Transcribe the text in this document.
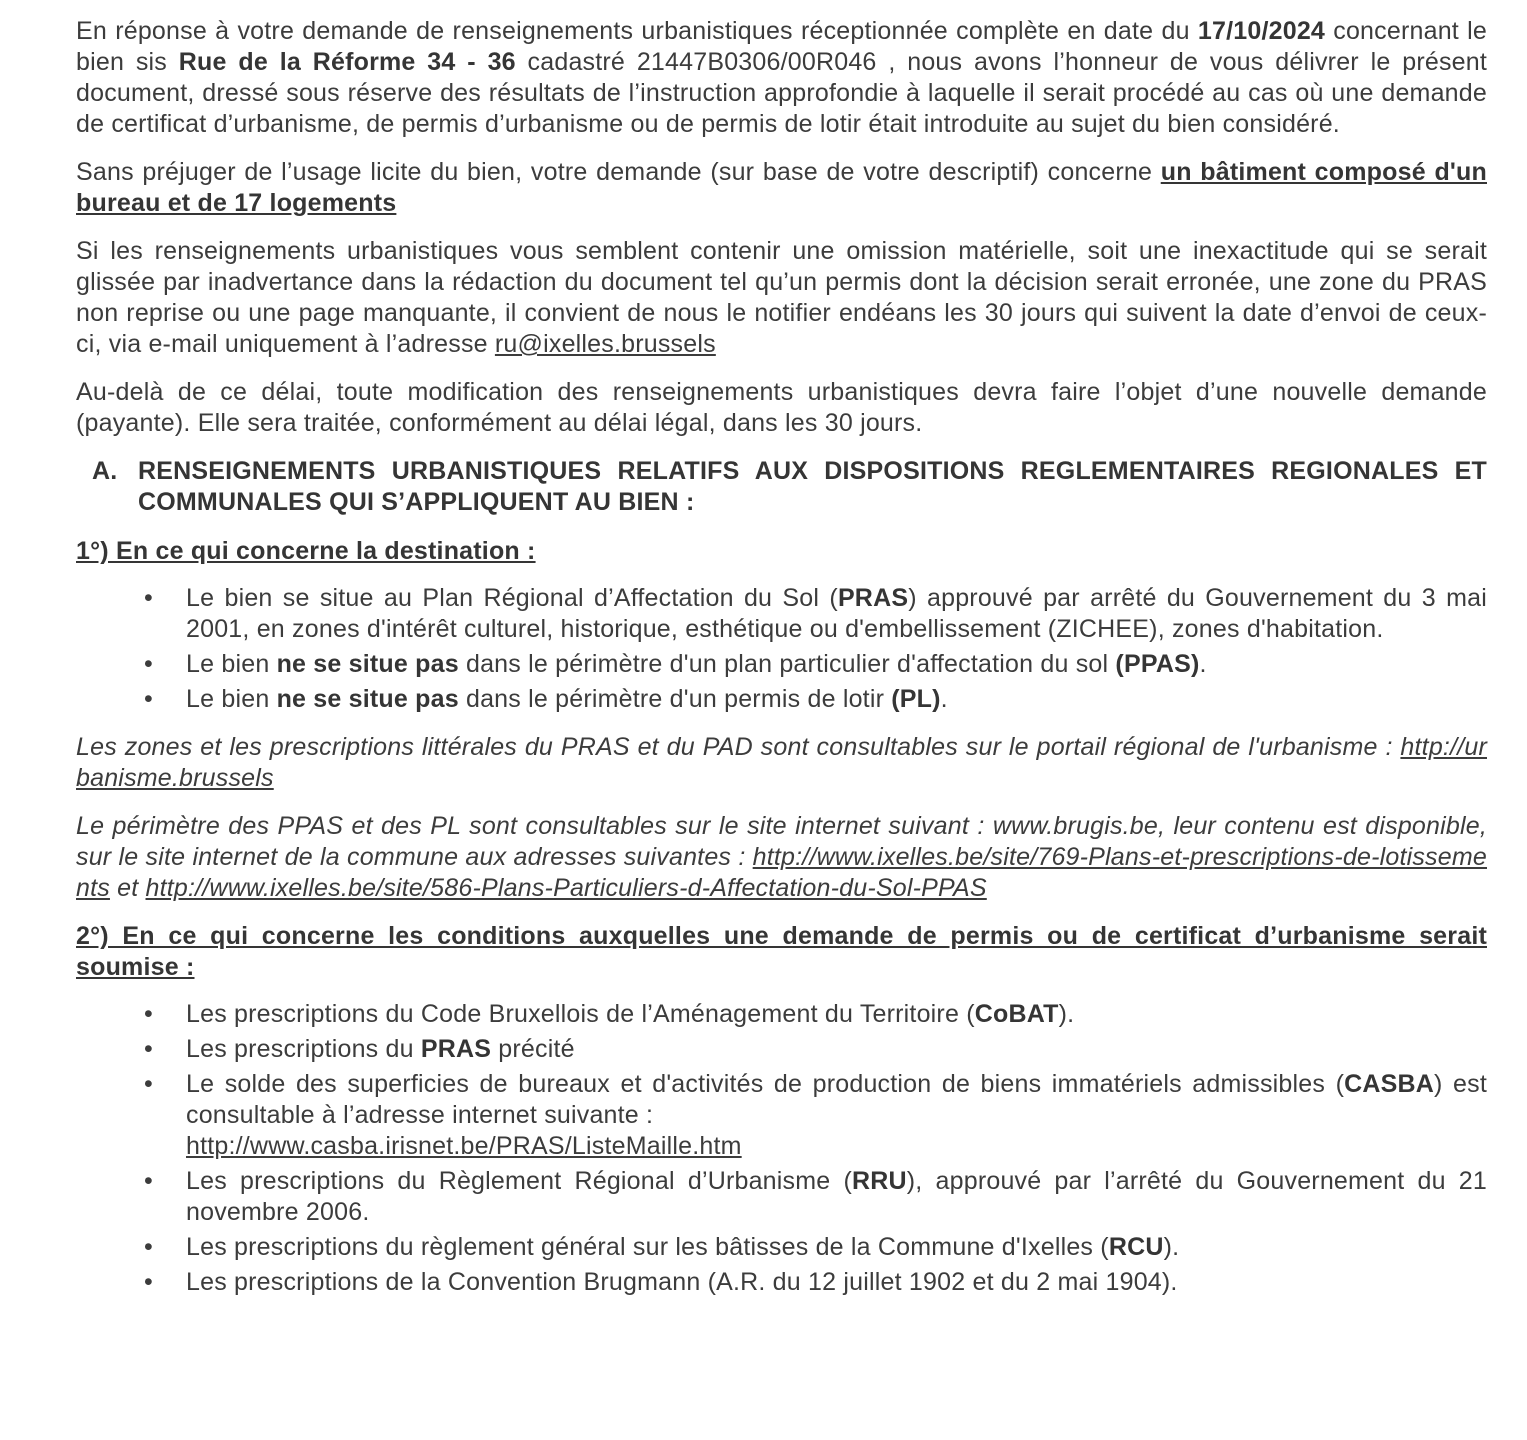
En réponse à votre demande de renseignements urbanistiques réceptionnée complète en date du 17/10/2024 concernant le bien sis Rue de la Réforme 34 - 36 cadastré 21447B0306/00R046 , nous avons l’honneur de vous délivrer le présent document, dressé sous réserve des résultats de l’instruction approfondie à laquelle il serait procédé au cas où une demande de certificat d’urbanisme, de permis d’urbanisme ou de permis de lotir était introduite au sujet du bien considéré.

Sans préjuger de l’usage licite du bien, votre demande (sur base de votre descriptif) concerne un bâtiment composé d'un bureau et de 17 logements

Si les renseignements urbanistiques vous semblent contenir une omission matérielle, soit une inexactitude qui se serait glissée par inadvertance dans la rédaction du document tel qu’un permis dont la décision serait erronée, une zone du PRAS non reprise ou une page manquante, il convient de nous le notifier endéans les 30 jours qui suivent la date d’envoi de ceux-ci, via e-mail uniquement à l’adresse ru@ixelles.brussels

Au-delà de ce délai, toute modification des renseignements urbanistiques devra faire l’objet d’une nouvelle demande (payante). Elle sera traitée, conformément au délai légal, dans les 30 jours.

A. RENSEIGNEMENTS URBANISTIQUES RELATIFS AUX DISPOSITIONS REGLEMENTAIRES REGIONALES ET COMMUNALES QUI S’APPLIQUENT AU BIEN :
1°) En ce qui concerne la destination :
• Le bien se situe au Plan Régional d’Affectation du Sol (PRAS) approuvé par arrêté du Gouvernement du 3 mai 2001, en zones d'intérêt culturel, historique, esthétique ou d'embellissement (ZICHEE), zones d'habitation.
• Le bien ne se situe pas dans le périmètre d'un plan particulier d'affectation du sol (PPAS).
• Le bien ne se situe pas dans le périmètre d'un permis de lotir (PL).

Les zones et les prescriptions littérales du PRAS et du PAD sont consultables sur le portail régional de l'urbanisme : http://urbanisme.brussels

Le périmètre des PPAS et des PL sont consultables sur le site internet suivant : www.brugis.be, leur contenu est disponible, sur le site internet de la commune aux adresses suivantes : http://www.ixelles.be/site/769-Plans-et-prescriptions-de-lotissements et http://www.ixelles.be/site/586-Plans-Particuliers-d-Affectation-du-Sol-PPAS

2°) En ce qui concerne les conditions auxquelles une demande de permis ou de certificat d’urbanisme serait soumise :
• Les prescriptions du Code Bruxellois de l’Aménagement du Territoire (CoBAT).
• Les prescriptions du PRAS précité
• Le solde des superficies de bureaux et d'activités de production de biens immatériels admissibles (CASBA) est consultable à l’adresse internet suivante :
http://www.casba.irisnet.be/PRAS/ListeMaille.htm
• Les prescriptions du Règlement Régional d’Urbanisme (RRU), approuvé par l’arrêté du Gouvernement du 21 novembre 2006.
• Les prescriptions du règlement général sur les bâtisses de la Commune d'Ixelles (RCU).
• Les prescriptions de la Convention Brugmann (A.R. du 12 juillet 1902 et du 2 mai 1904).
